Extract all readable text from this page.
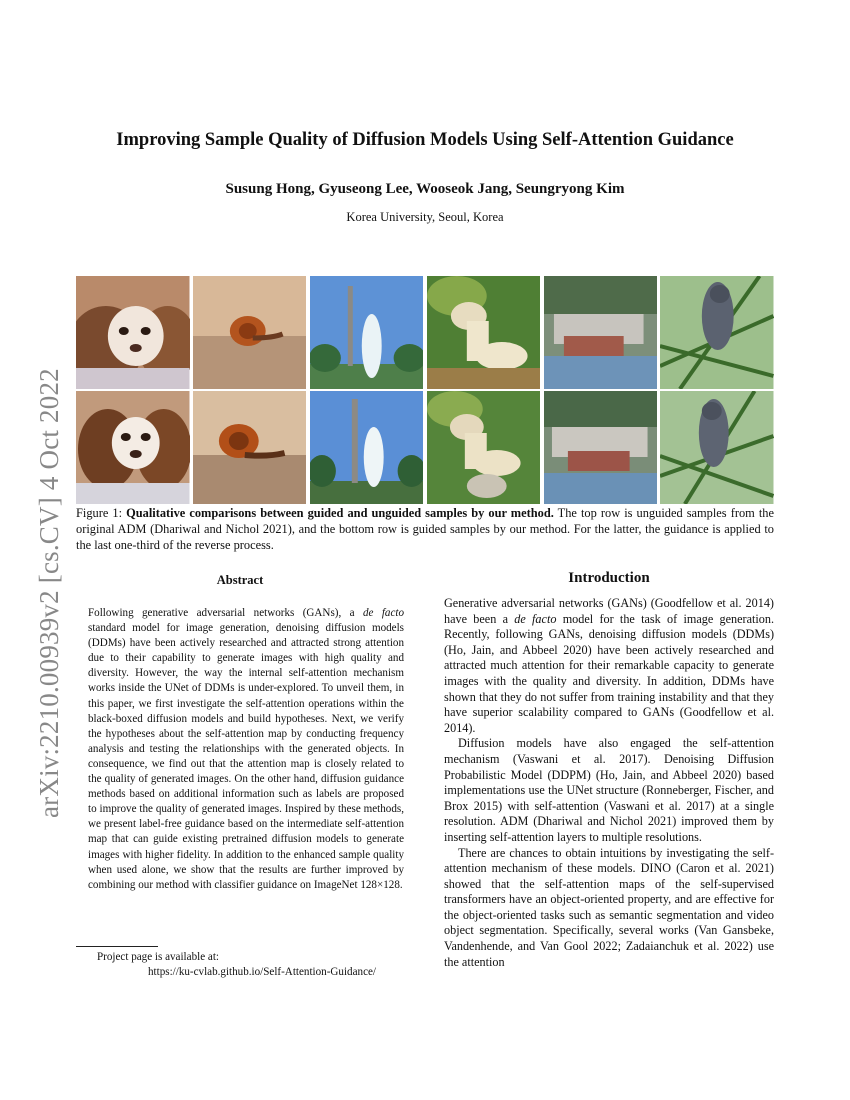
arXiv:2210.00939v2 [cs.CV] 4 Oct 2022
Improving Sample Quality of Diffusion Models Using Self-Attention Guidance
Susung Hong, Gyuseong Lee, Wooseok Jang, Seungryong Kim
Korea University, Seoul, Korea
Figure 1: Qualitative comparisons between guided and unguided samples by our method. The top row is unguided samples from the original ADM (Dhariwal and Nichol 2021), and the bottom row is guided samples by our method. For the latter, the guidance is applied to the last one-third of the reverse process.
Abstract
Following generative adversarial networks (GANs), a de facto standard model for image generation, denoising diffusion models (DDMs) have been actively researched and attracted strong attention due to their capability to generate images with high quality and diversity. However, the way the internal self-attention mechanism works inside the UNet of DDMs is under-explored. To unveil them, in this paper, we first investigate the self-attention operations within the black-boxed diffusion models and build hypotheses. Next, we verify the hypotheses about the self-attention map by conducting frequency analysis and testing the relationships with the generated objects. In consequence, we find out that the attention map is closely related to the quality of generated images. On the other hand, diffusion guidance methods based on additional information such as labels are proposed to improve the quality of generated images. Inspired by these methods, we present label-free guidance based on the intermediate self-attention map that can guide existing pretrained diffusion models to generate images with higher fidelity. In addition to the enhanced sample quality when used alone, we show that the results are further improved by combining our method with classifier guidance on ImageNet 128×128.
Project page is available at:
https://ku-cvlab.github.io/Self-Attention-Guidance/
Introduction

Generative adversarial networks (GANs) (Goodfellow et al. 2014) have been a de facto model for the task of image generation. Recently, following GANs, denoising diffusion models (DDMs) (Ho, Jain, and Abbeel 2020) have been actively researched and attracted much attention for their remarkable capacity to generate images with the quality and diversity. In addition, DDMs have shown that they do not suffer from training instability and that they have superior scalability compared to GANs (Goodfellow et al. 2014).

Diffusion models have also engaged the self-attention mechanism (Vaswani et al. 2017). Denoising Diffusion Probabilistic Model (DDPM) (Ho, Jain, and Abbeel 2020) based implementations use the UNet structure (Ronneberger, Fischer, and Brox 2015) with self-attention (Vaswani et al. 2017) at a single resolution. ADM (Dhariwal and Nichol 2021) improved them by inserting self-attention layers to multiple resolutions.

There are chances to obtain intuitions by investigating the self-attention mechanism of these models. DINO (Caron et al. 2021) showed that the self-attention maps of the self-supervised transformers have an object-oriented property, and are effective for the object-oriented tasks such as semantic segmentation and video object segmentation. Specifically, several works (Van Gansbeke, Vandenhende, and Van Gool 2022; Zadaianchuk et al. 2022) use the attention
